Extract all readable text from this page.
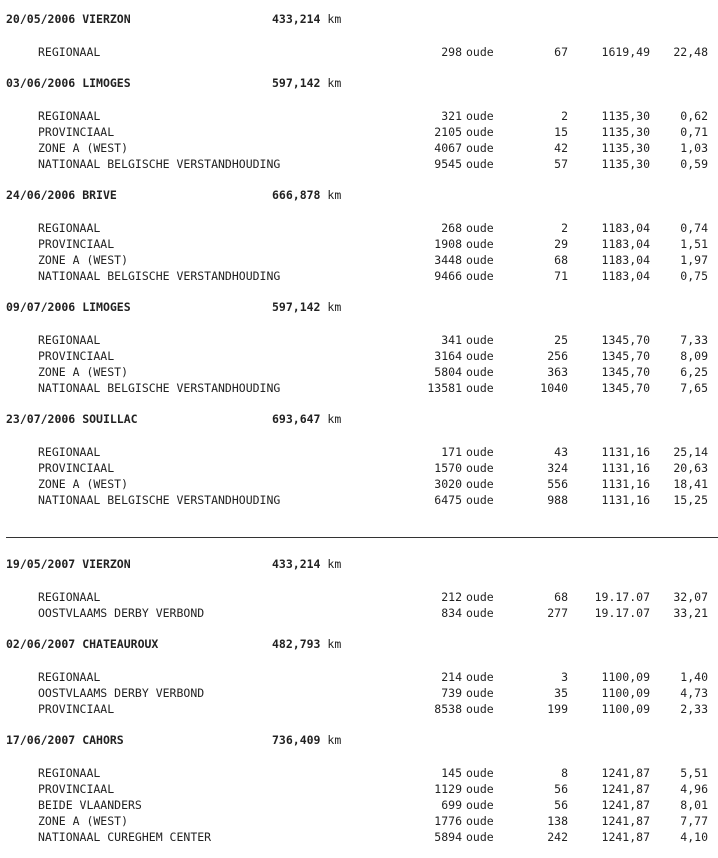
20/05/2006 VIERZON	433,214 km
REGIONAAL	298 oude	67	1619,49	22,48
03/06/2006 LIMOGES	597,142 km
REGIONAAL	321 oude	2	1135,30	0,62
PROVINCIAAL	2105 oude	15	1135,30	0,71
ZONE A (WEST)	4067 oude	42	1135,30	1,03
NATIONAAL BELGISCHE VERSTANDHOUDING	9545 oude	57	1135,30	0,59
24/06/2006 BRIVE	666,878 km
REGIONAAL	268 oude	2	1183,04	0,74
PROVINCIAAL	1908 oude	29	1183,04	1,51
ZONE A (WEST)	3448 oude	68	1183,04	1,97
NATIONAAL BELGISCHE VERSTANDHOUDING	9466 oude	71	1183,04	0,75
09/07/2006 LIMOGES	597,142 km
REGIONAAL	341 oude	25	1345,70	7,33
PROVINCIAAL	3164 oude	256	1345,70	8,09
ZONE A (WEST)	5804 oude	363	1345,70	6,25
NATIONAAL BELGISCHE VERSTANDHOUDING	13581 oude	1040	1345,70	7,65
23/07/2006 SOUILLAC	693,647 km
REGIONAAL	171 oude	43	1131,16	25,14
PROVINCIAAL	1570 oude	324	1131,16	20,63
ZONE A (WEST)	3020 oude	556	1131,16	18,41
NATIONAAL BELGISCHE VERSTANDHOUDING	6475 oude	988	1131,16	15,25
19/05/2007 VIERZON	433,214 km
REGIONAAL	212 oude	68	19.17.07	32,07
OOSTVLAAMS DERBY VERBOND	834 oude	277	19.17.07	33,21
02/06/2007 CHATEAUROUX	482,793 km
REGIONAAL	214 oude	3	1100,09	1,40
OOSTVLAAMS DERBY VERBOND	739 oude	35	1100,09	4,73
PROVINCIAAL	8538 oude	199	1100,09	2,33
17/06/2007 CAHORS	736,409 km
REGIONAAL	145 oude	8	1241,87	5,51
PROVINCIAAL	1129 oude	56	1241,87	4,96
BEIDE VLAANDERS	699 oude	56	1241,87	8,01
ZONE A (WEST)	1776 oude	138	1241,87	7,77
NATIONAAL CUREGHEM CENTER	5894 oude	242	1241,87	4,10
